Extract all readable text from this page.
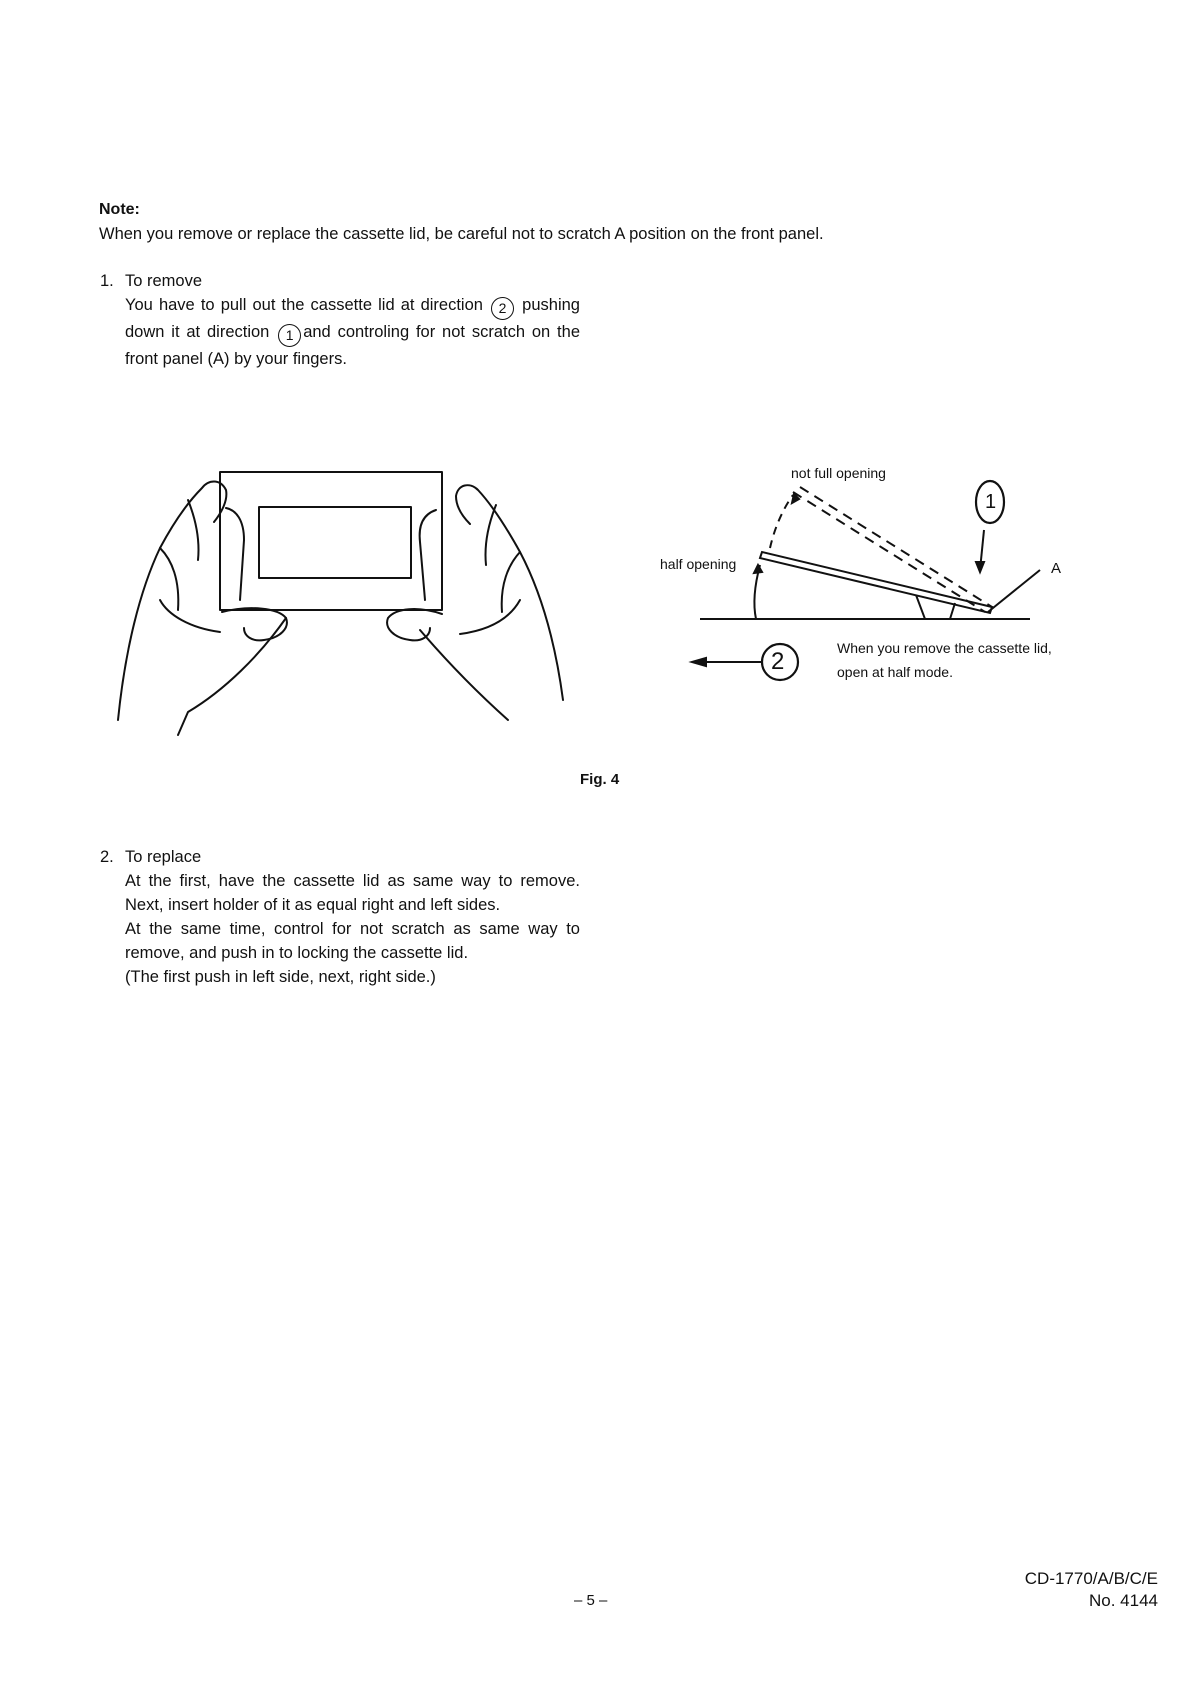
Note:
When you remove or replace the cassette lid, be careful not to scratch A position on the front panel.
1. To remove

You have to pull out the cassette lid at direction 2 pushing down it at direction 1 and controling for not scratch on the front panel (A) by your fingers.

not full opening
half opening	A
1
2	When you remove the cassette lid,
open at half mode.
Fig. 4
2. To replace

At the first, have the cassette lid as same way to remove. Next, insert holder of it as equal right and left sides.

At the same time, control for not scratch as same way to remove, and push in to locking the cassette lid.

(The first push in left side, next, right side.)

– 5 –
CD-1770/A/B/C/E
No. 4144
